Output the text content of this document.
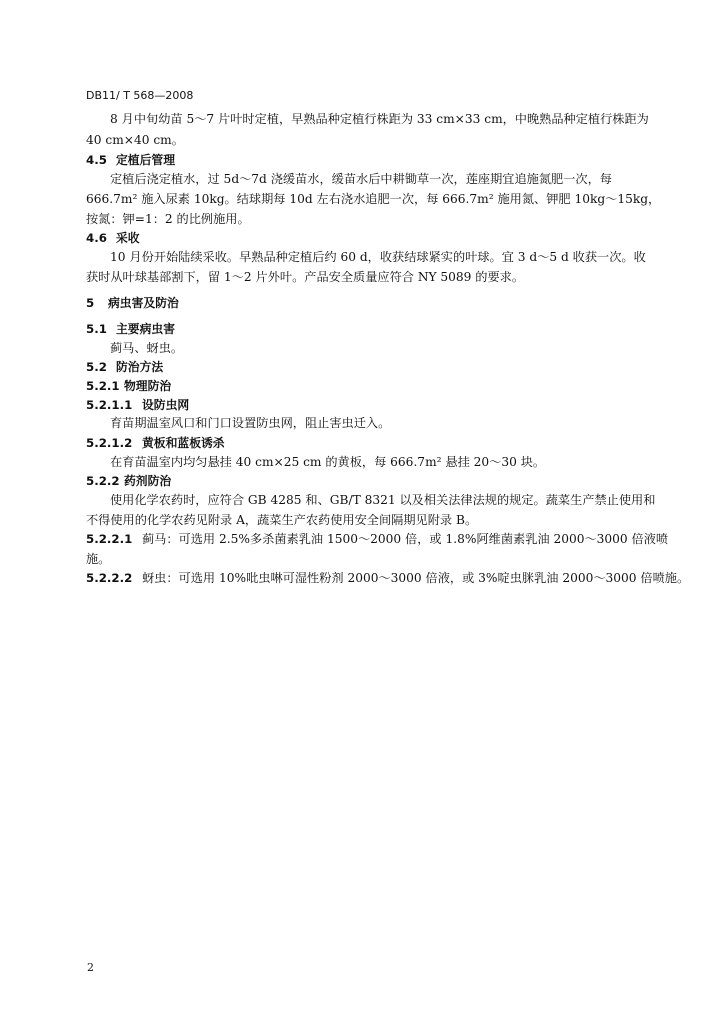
DB11/ T 568—2008
8 月中旬幼苗 5～7 片叶时定植，早熟品种定植行株距为 33 cm×33 cm，中晚熟品种定植行株距为
40 cm×40 cm。
4.5 定植后管理
定植后浇定植水，过 5d～7d 浇缓苗水，缓苗水后中耕锄草一次，莲座期宜追施氮肥一次，每
666.7m² 施入尿素 10kg。结球期每 10d 左右浇水追肥一次，每 666.7m² 施用氮、钾肥 10kg～15kg，
按氮：钾=1：2 的比例施用。
4.6 采收
10 月份开始陆续采收。早熟品种定植后约 60 d，收获结球紧实的叶球。宜 3 d～5 d 收获一次。收
获时从叶球基部割下，留 1～2 片外叶。产品安全质量应符合 NY 5089 的要求。
5 病虫害及防治
5.1 主要病虫害
蓟马、蚜虫。
5.2 防治方法
5.2.1 物理防治
5.2.1.1 设防虫网
育苗期温室风口和门口设置防虫网，阻止害虫迁入。
5.2.1.2 黄板和蓝板诱杀
在育苗温室内均匀悬挂 40 cm×25 cm 的黄板，每 666.7m² 悬挂 20～30 块。
5.2.2 药剂防治
使用化学农药时，应符合 GB 4285 和、GB/T 8321 以及相关法律法规的规定。蔬菜生产禁止使用和
不得使用的化学农药见附录 A，蔬菜生产农药使用安全间隔期见附录 B。
5.2.2.1 蓟马：可选用 2.5%多杀菌素乳油 1500～2000 倍，或 1.8%阿维菌素乳油 2000～3000 倍液喷
施。
5.2.2.2 蚜虫：可选用 10%吡虫啉可湿性粉剂 2000～3000 倍液，或 3%啶虫脒乳油 2000～3000 倍喷施。
2
